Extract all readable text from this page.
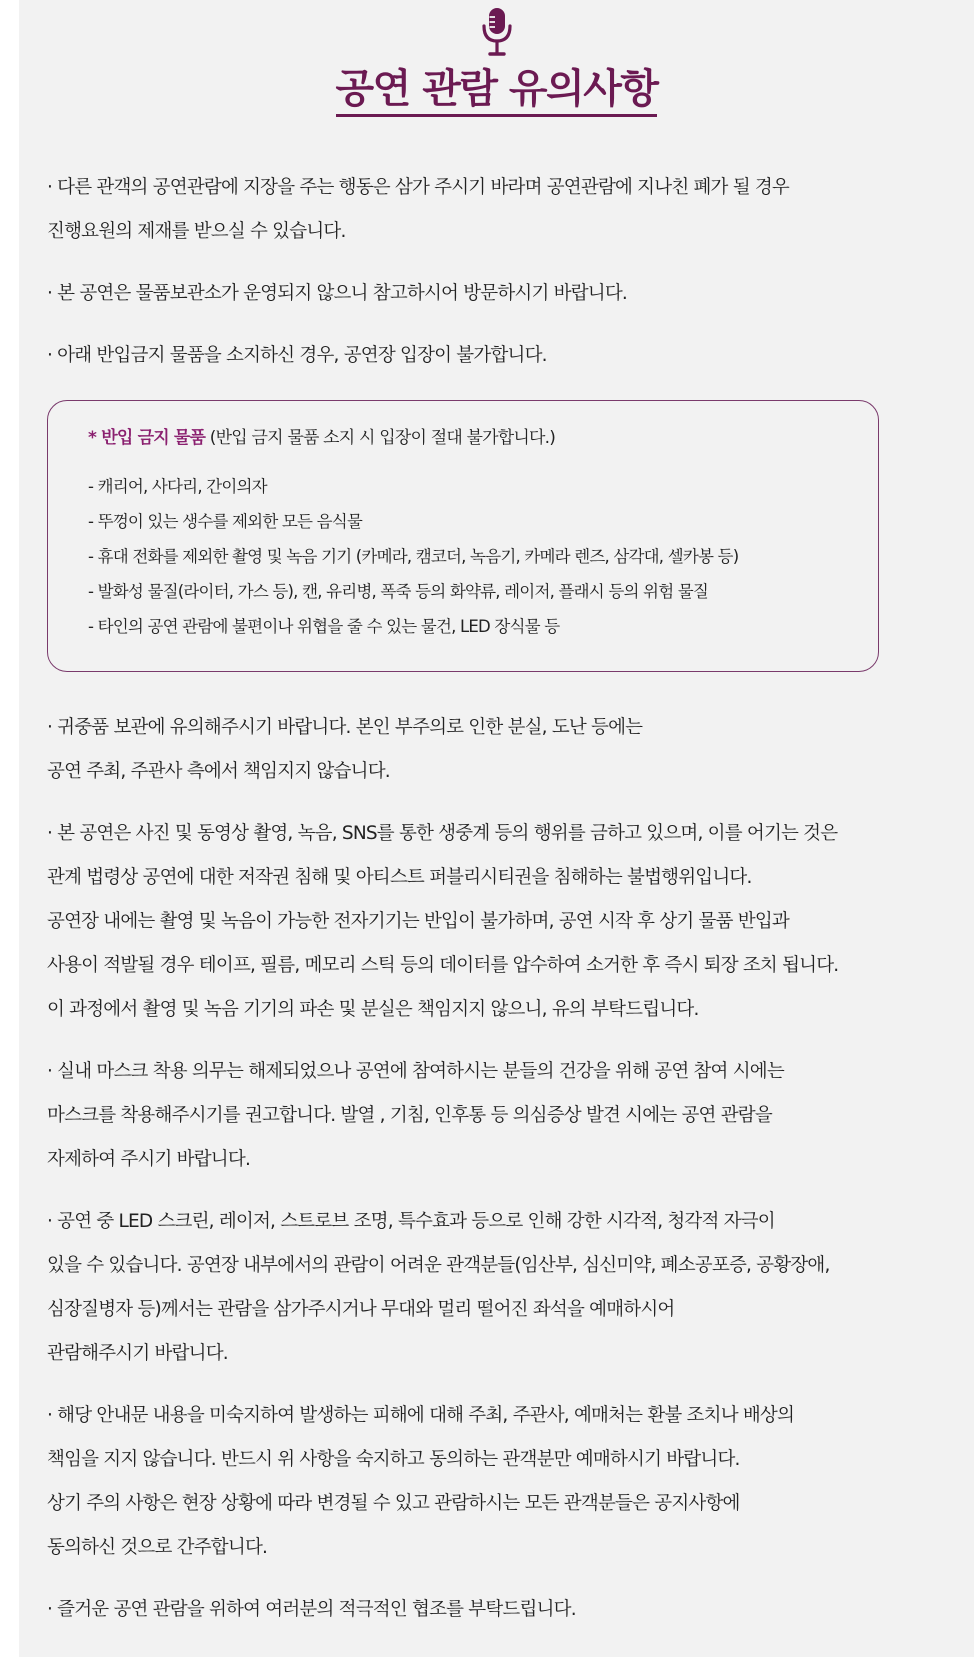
공연 관람 유의사항
· 다른 관객의 공연관람에 지장을 주는 행동은 삼가 주시기 바라며 공연관람에 지나친 폐가 될 경우
진행요원의 제재를 받으실 수 있습니다.
· 본 공연은 물품보관소가 운영되지 않으니 참고하시어 방문하시기 바랍니다.
· 아래 반입금지 물품을 소지하신 경우, 공연장 입장이 불가합니다.
* 반입 금지 물품 (반입 금지 물품 소지 시 입장이 절대 불가합니다.)
- 캐리어, 사다리, 간이의자
- 뚜껑이 있는 생수를 제외한 모든 음식물
- 휴대 전화를 제외한 촬영 및 녹음 기기 (카메라, 캠코더, 녹음기, 카메라 렌즈, 삼각대, 셀카봉 등)
- 발화성 물질(라이터, 가스 등), 캔, 유리병, 폭죽 등의 화약류, 레이저, 플래시 등의 위험 물질
- 타인의 공연 관람에 불편이나 위협을 줄 수 있는 물건, LED 장식물 등
· 귀중품 보관에 유의해주시기 바랍니다. 본인 부주의로 인한 분실, 도난 등에는
공연 주최, 주관사 측에서 책임지지 않습니다.
· 본 공연은 사진 및 동영상 촬영, 녹음, SNS를 통한 생중계 등의 행위를 금하고 있으며, 이를 어기는 것은
관계 법령상 공연에 대한 저작권 침해 및 아티스트 퍼블리시티권을 침해하는 불법행위입니다.
공연장 내에는 촬영 및 녹음이 가능한 전자기기는 반입이 불가하며, 공연 시작 후 상기 물품 반입과
사용이 적발될 경우 테이프, 필름, 메모리 스틱 등의 데이터를 압수하여 소거한 후 즉시 퇴장 조치 됩니다.
이 과정에서 촬영 및 녹음 기기의 파손 및 분실은 책임지지 않으니, 유의 부탁드립니다.
· 실내 마스크 착용 의무는 해제되었으나 공연에 참여하시는 분들의 건강을 위해 공연 참여 시에는
마스크를 착용해주시기를 권고합니다. 발열 , 기침, 인후통 등 의심증상 발견 시에는 공연 관람을
자제하여 주시기 바랍니다.
· 공연 중 LED 스크린, 레이저, 스트로브 조명, 특수효과 등으로 인해 강한 시각적, 청각적 자극이
있을 수 있습니다. 공연장 내부에서의 관람이 어려운 관객분들(임산부, 심신미약, 폐소공포증, 공황장애,
심장질병자 등)께서는 관람을 삼가주시거나 무대와 멀리 떨어진 좌석을 예매하시어
관람해주시기 바랍니다.
· 해당 안내문 내용을 미숙지하여 발생하는 피해에 대해 주최, 주관사, 예매처는 환불 조치나 배상의
책임을 지지 않습니다. 반드시 위 사항을 숙지하고 동의하는 관객분만 예매하시기 바랍니다.
상기 주의 사항은 현장 상황에 따라 변경될 수 있고 관람하시는 모든 관객분들은 공지사항에
동의하신 것으로 간주합니다.
· 즐거운 공연 관람을 위하여 여러분의 적극적인 협조를 부탁드립니다.
